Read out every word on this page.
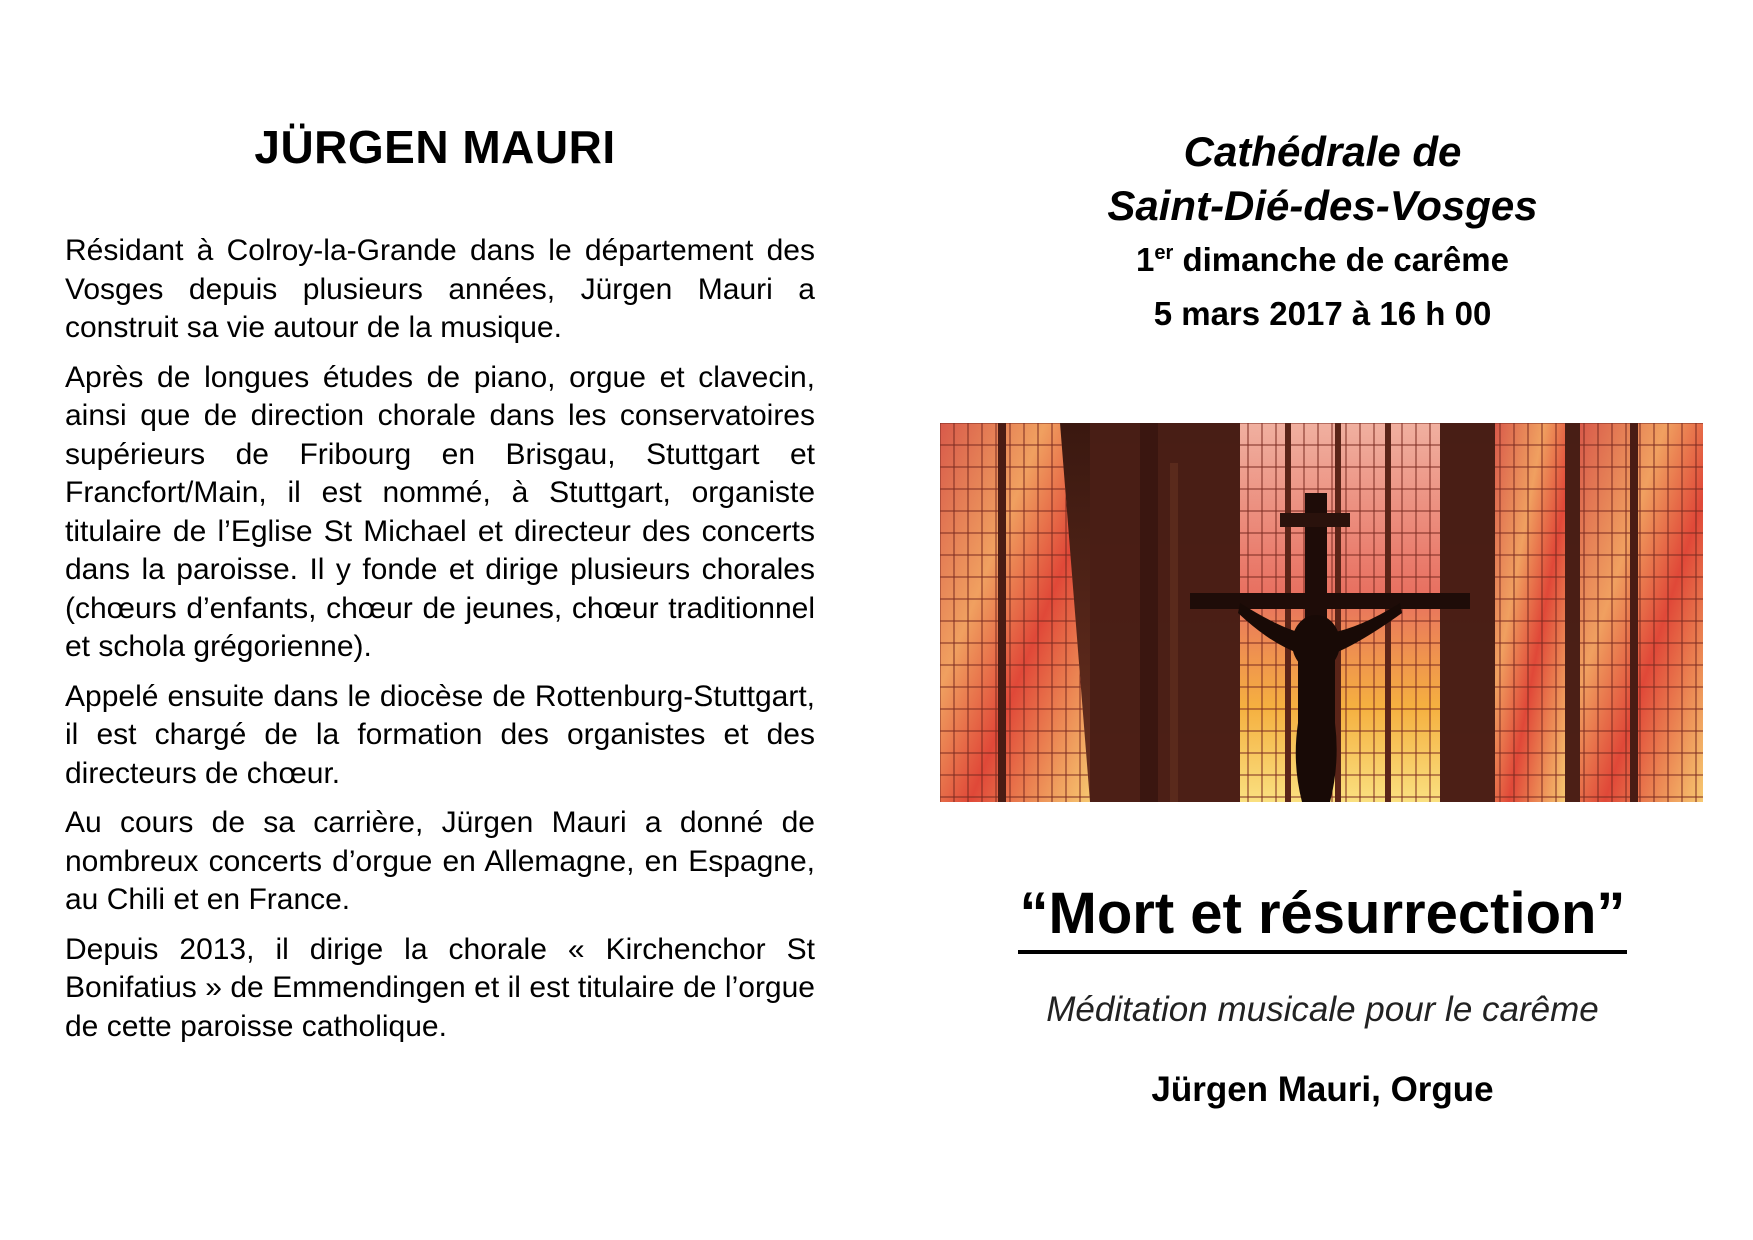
JÜRGEN MAURI

Résidant à Colroy-la-Grande dans le département des Vosges depuis plusieurs années, Jürgen Mauri a construit sa vie autour de la musique.

Après de longues études de piano, orgue et clavecin, ainsi que de direction chorale dans les conservatoires supérieurs de Fribourg en Brisgau, Stuttgart et Francfort/Main, il est nommé, à Stuttgart, organiste titulaire de l’Eglise St Michael et directeur des concerts dans la paroisse. Il y fonde et dirige plusieurs chorales (chœurs d’enfants, chœur de jeunes, chœur traditionnel et schola grégorienne).

Appelé ensuite dans le diocèse de Rottenburg-Stuttgart, il est chargé de la formation des organistes et des directeurs de chœur.

Au cours de sa carrière, Jürgen Mauri a donné de nombreux concerts d’orgue en Allemagne, en Espagne, au Chili et en France.

Depuis 2013, il dirige la chorale « Kirchenchor St Bonifatius » de Emmendingen et il est titulaire de l’orgue de cette paroisse catholique.

Cathédrale de

Saint-Dié-des-Vosges

1er dimanche de carême

5 mars 2017 à 16 h 00

“Mort et résurrection”
Méditation musicale pour le carême
Jürgen Mauri, Orgue
